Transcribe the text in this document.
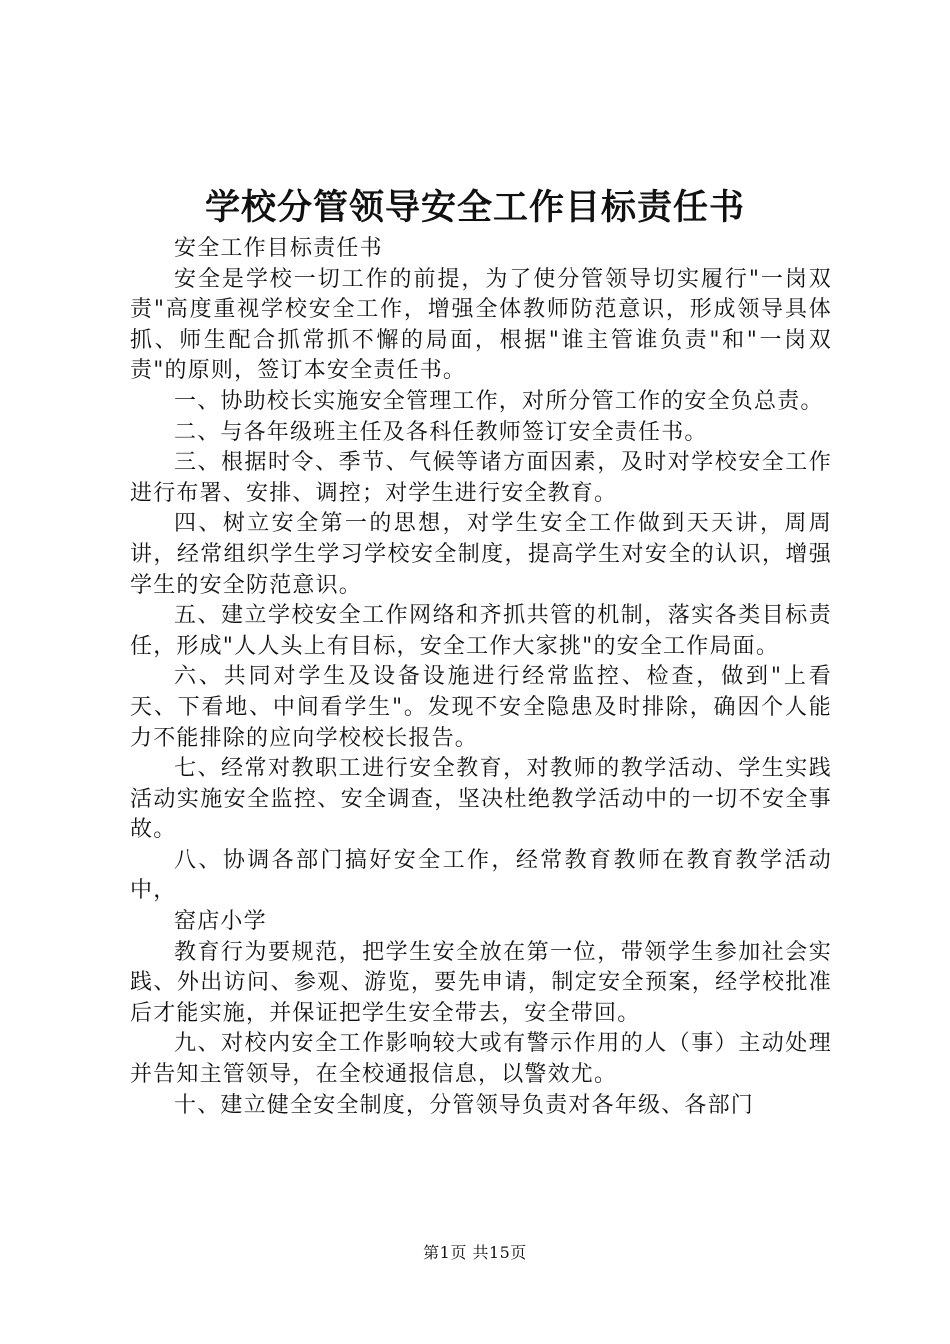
学校分管领导安全工作目标责任书

安全工作目标责任书

安全是学校一切工作的前提，为了使分管领导切实履行"一岗双责"高度重视学校安全工作，增强全体教师防范意识，形成领导具体抓、师生配合抓常抓不懈的局面，根据"谁主管谁负责"和"一岗双责"的原则，签订本安全责任书。

一、协助校长实施安全管理工作，对所分管工作的安全负总责。

二、与各年级班主任及各科任教师签订安全责任书。

三、根据时令、季节、气候等诸方面因素，及时对学校安全工作进行布署、安排、调控；对学生进行安全教育。

四、树立安全第一的思想，对学生安全工作做到天天讲，周周讲，经常组织学生学习学校安全制度，提高学生对安全的认识，增强学生的安全防范意识。

五、建立学校安全工作网络和齐抓共管的机制，落实各类目标责任，形成"人人头上有目标，安全工作大家挑"的安全工作局面。

六、共同对学生及设备设施进行经常监控、检查，做到"上看天、下看地、中间看学生"。发现不安全隐患及时排除，确因个人能力不能排除的应向学校校长报告。

七、经常对教职工进行安全教育，对教师的教学活动、学生实践活动实施安全监控、安全调查，坚决杜绝教学活动中的一切不安全事故。

八、协调各部门搞好安全工作，经常教育教师在教育教学活动中，

窑店小学

教育行为要规范，把学生安全放在第一位，带领学生参加社会实践、外出访问、参观、游览，要先申请，制定安全预案，经学校批准后才能实施，并保证把学生安全带去，安全带回。

九、对校内安全工作影响较大或有警示作用的人（事）主动处理并告知主管领导，在全校通报信息，以警效尤。

十、建立健全安全制度，分管领导负责对各年级、各部门

第1页 共15页
